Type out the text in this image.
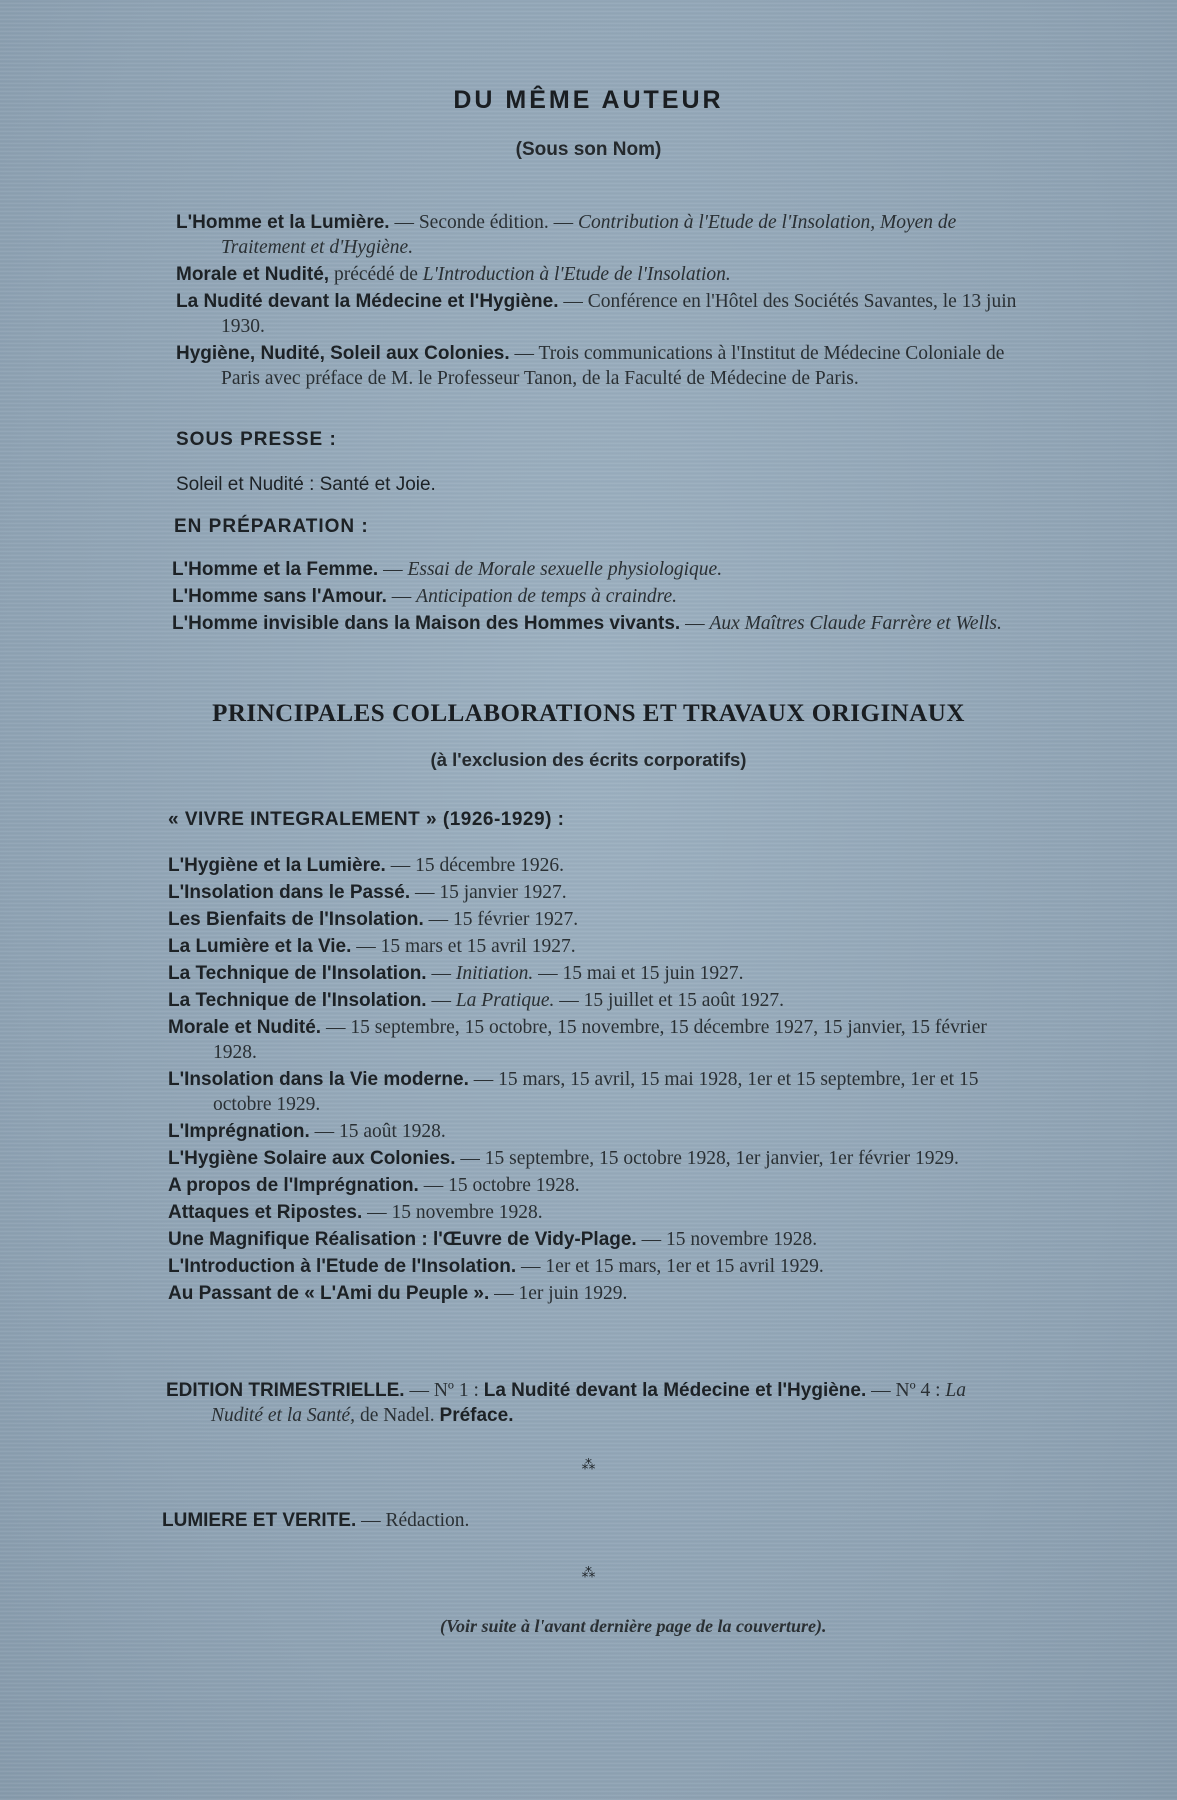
DU MÊME AUTEUR
(Sous son Nom)
L'Homme et la Lumière. — Seconde édition. — Contribution à l'Etude de l'Insolation, Moyen de Traitement et d'Hygiène.
Morale et Nudité, précédé de L'Introduction à l'Etude de l'Insolation.
La Nudité devant la Médecine et l'Hygiène. — Conférence en l'Hôtel des Sociétés Savantes, le 13 juin 1930.
Hygiène, Nudité, Soleil aux Colonies. — Trois communications à l'Institut de Médecine Coloniale de Paris avec préface de M. le Professeur Tanon, de la Faculté de Médecine de Paris.
SOUS PRESSE :
Soleil et Nudité : Santé et Joie.
EN PRÉPARATION :
L'Homme et la Femme. — Essai de Morale sexuelle physiologique.
L'Homme sans l'Amour. — Anticipation de temps à craindre.
L'Homme invisible dans la Maison des Hommes vivants. — Aux Maîtres Claude Farrère et Wells.
PRINCIPALES COLLABORATIONS ET TRAVAUX ORIGINAUX
(à l'exclusion des écrits corporatifs)
« VIVRE INTEGRALEMENT » (1926-1929) :
L'Hygiène et la Lumière. — 15 décembre 1926.
L'Insolation dans le Passé. — 15 janvier 1927.
Les Bienfaits de l'Insolation. — 15 février 1927.
La Lumière et la Vie. — 15 mars et 15 avril 1927.
La Technique de l'Insolation. — Initiation. — 15 mai et 15 juin 1927.
La Technique de l'Insolation. — La Pratique. — 15 juillet et 15 août 1927.
Morale et Nudité. — 15 septembre, 15 octobre, 15 novembre, 15 décembre 1927, 15 janvier, 15 février 1928.
L'Insolation dans la Vie moderne. — 15 mars, 15 avril, 15 mai 1928, 1er et 15 septembre, 1er et 15 octobre 1929.
L'Imprégnation. — 15 août 1928.
L'Hygiène Solaire aux Colonies. — 15 septembre, 15 octobre 1928, 1er janvier, 1er février 1929.
A propos de l'Imprégnation. — 15 octobre 1928.
Attaques et Ripostes. — 15 novembre 1928.
Une Magnifique Réalisation : l'Œuvre de Vidy-Plage. — 15 novembre 1928.
L'Introduction à l'Etude de l'Insolation. — 1er et 15 mars, 1er et 15 avril 1929.
Au Passant de « L'Ami du Peuple ». — 1er juin 1929.
EDITION TRIMESTRIELLE. — Nº 1 : La Nudité devant la Médecine et l'Hygiène. — Nº 4 : La Nudité et la Santé, de Nadel. Préface.
⁂
LUMIERE ET VERITE. — Rédaction.
⁂
(Voir suite à l'avant dernière page de la couverture).
